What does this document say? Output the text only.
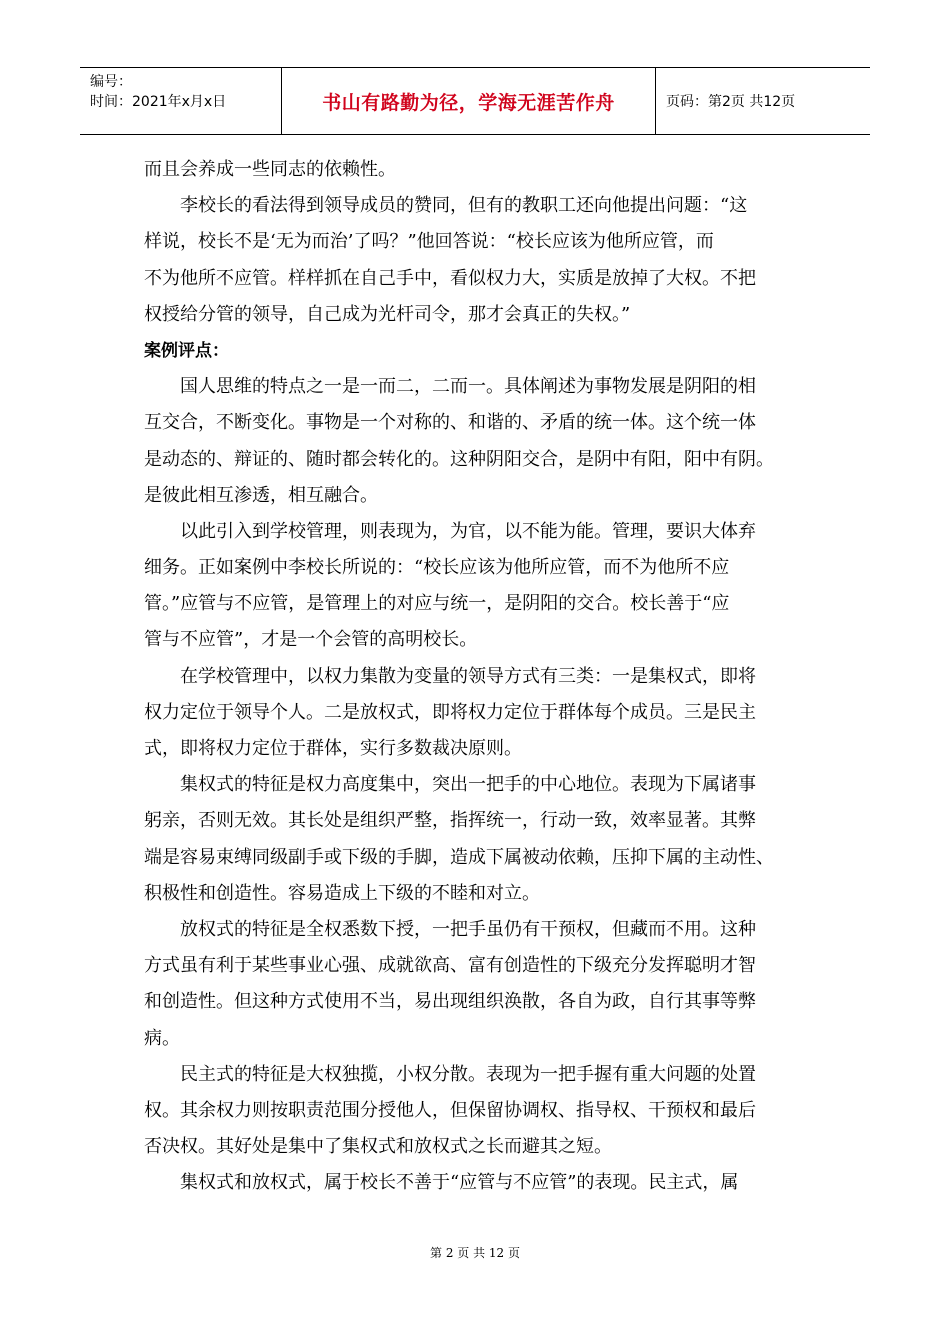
编号：
时间：2021年x月x日	书山有路勤为径，学海无涯苦作舟	页码：第2页 共12页
而且会养成一些同志的依赖性。
李校长的看法得到领导成员的赞同，但有的教职工还向他提出问题：“这
样说，校长不是‘无为而治’了吗？”他回答说：“校长应该为他所应管，而
不为他所不应管。样样抓在自己手中，看似权力大，实质是放掉了大权。不把
权授给分管的领导，自己成为光杆司令，那才会真正的失权。”
案例评点：
国人思维的特点之一是一而二，二而一。具体阐述为事物发展是阴阳的相
互交合，不断变化。事物是一个对称的、和谐的、矛盾的统一体。这个统一体
是动态的、辩证的、随时都会转化的。这种阴阳交合，是阴中有阳，阳中有阴。
是彼此相互渗透，相互融合。
以此引入到学校管理，则表现为，为官，以不能为能。管理，要识大体弃
细务。正如案例中李校长所说的：“校长应该为他所应管，而不为他所不应
管。”应管与不应管，是管理上的对应与统一，是阴阳的交合。校长善于“应
管与不应管”，才是一个会管的高明校长。
在学校管理中，以权力集散为变量的领导方式有三类：一是集权式，即将
权力定位于领导个人。二是放权式，即将权力定位于群体每个成员。三是民主
式，即将权力定位于群体，实行多数裁决原则。
集权式的特征是权力高度集中，突出一把手的中心地位。表现为下属诸事
躬亲，否则无效。其长处是组织严整，指挥统一，行动一致，效率显著。其弊
端是容易束缚同级副手或下级的手脚，造成下属被动依赖，压抑下属的主动性、
积极性和创造性。容易造成上下级的不睦和对立。
放权式的特征是全权悉数下授，一把手虽仍有干预权，但藏而不用。这种
方式虽有利于某些事业心强、成就欲高、富有创造性的下级充分发挥聪明才智
和创造性。但这种方式使用不当，易出现组织涣散，各自为政，自行其事等弊
病。
民主式的特征是大权独揽，小权分散。表现为一把手握有重大问题的处置
权。其余权力则按职责范围分授他人，但保留协调权、指导权、干预权和最后
否决权。其好处是集中了集权式和放权式之长而避其之短。
集权式和放权式，属于校长不善于“应管与不应管”的表现。民主式，属
第 2 页 共 12 页
